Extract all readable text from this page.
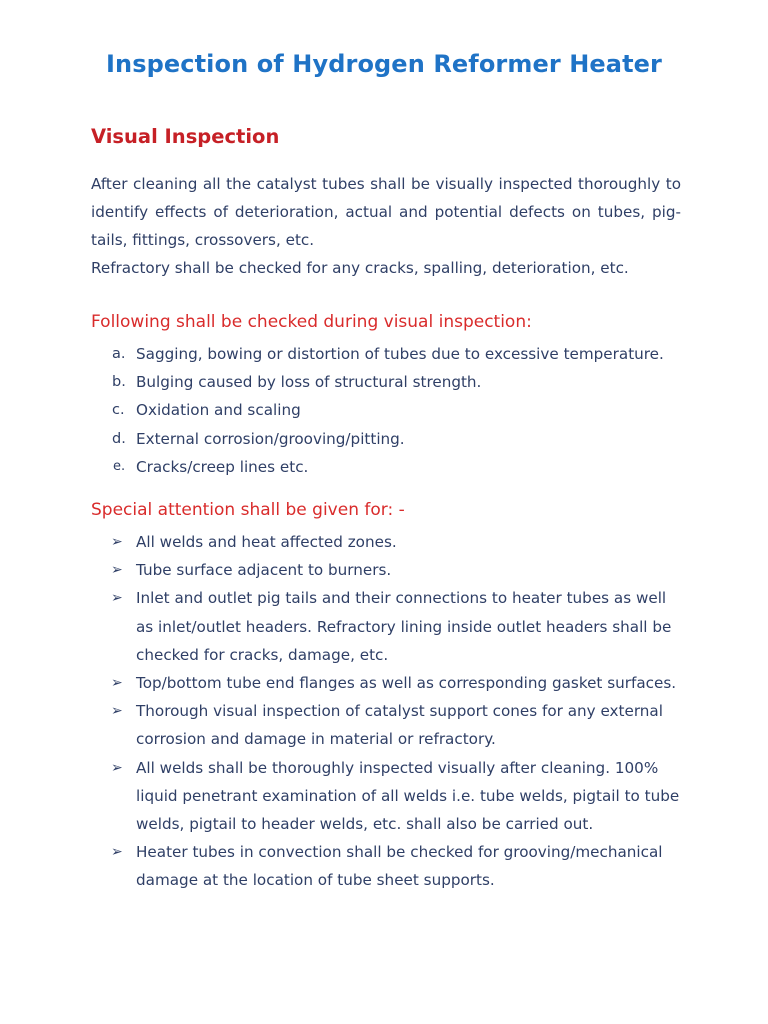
Inspection of Hydrogen Reformer Heater
Visual Inspection
After cleaning all the catalyst tubes shall be visually inspected thoroughly to identify effects of deterioration, actual and potential defects on tubes, pig-tails, fittings, crossovers, etc.
Refractory shall be checked for any cracks, spalling, deterioration, etc.
Following shall be checked during visual inspection:
a. Sagging, bowing or distortion of tubes due to excessive temperature.
b. Bulging caused by loss of structural strength.
c. Oxidation and scaling
d. External corrosion/grooving/pitting.
e. Cracks/creep lines etc.
Special attention shall be given for: -
➢ All welds and heat affected zones.
➢ Tube surface adjacent to burners.
➢ Inlet and outlet pig tails and their connections to heater tubes as well as inlet/outlet headers. Refractory lining inside outlet headers shall be checked for cracks, damage, etc.
➢ Top/bottom tube end flanges as well as corresponding gasket surfaces.
➢ Thorough visual inspection of catalyst support cones for any external corrosion and damage in material or refractory.
➢ All welds shall be thoroughly inspected visually after cleaning. 100% liquid penetrant examination of all welds i.e. tube welds, pigtail to tube welds, pigtail to header welds, etc. shall also be carried out.
➢ Heater tubes in convection shall be checked for grooving/mechanical damage at the location of tube sheet supports.
